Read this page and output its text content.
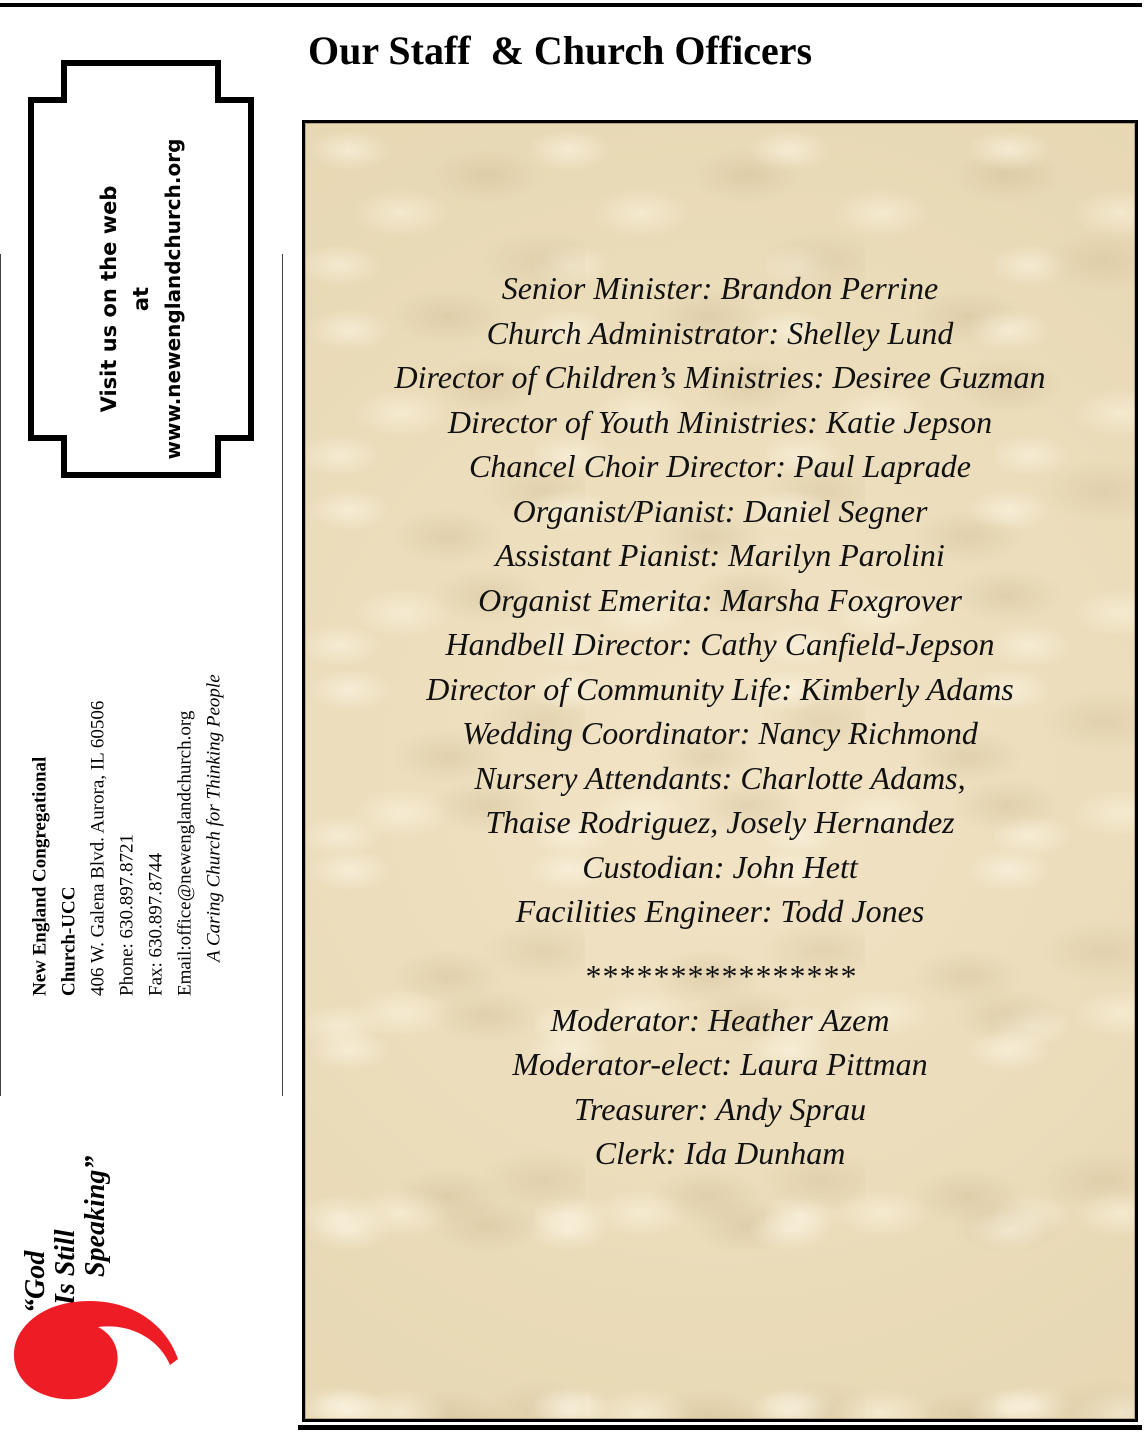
Our Staff  & Church Officers
Visit us on the web at www.newenglandchurch.org
New England Congregational Church-UCC 406 W. Galena Blvd. Aurora, IL 60506 Phone: 630.897.8721 Fax: 630.897.8744 Email:office@newenglandchurch.org A Caring Church for Thinking People
“God Is Still Speaking”
Senior Minister: Brandon Perrine
Church Administrator: Shelley Lund
Director of Children’s Ministries: Desiree Guzman
Director of Youth Ministries: Katie Jepson
Chancel Choir Director: Paul Laprade
Organist/Pianist: Daniel Segner
Assistant Pianist: Marilyn Parolini
Organist Emerita: Marsha Foxgrover
Handbell Director: Cathy Canfield-Jepson
Director of Community Life: Kimberly Adams
Wedding Coordinator: Nancy Richmond
Nursery Attendants: Charlotte Adams,
Thaise Rodriguez, Josely Hernandez
Custodian: John Hett
Facilities Engineer: Todd Jones
****************
Moderator: Heather Azem
Moderator-elect: Laura Pittman
Treasurer: Andy Sprau
Clerk: Ida Dunham
